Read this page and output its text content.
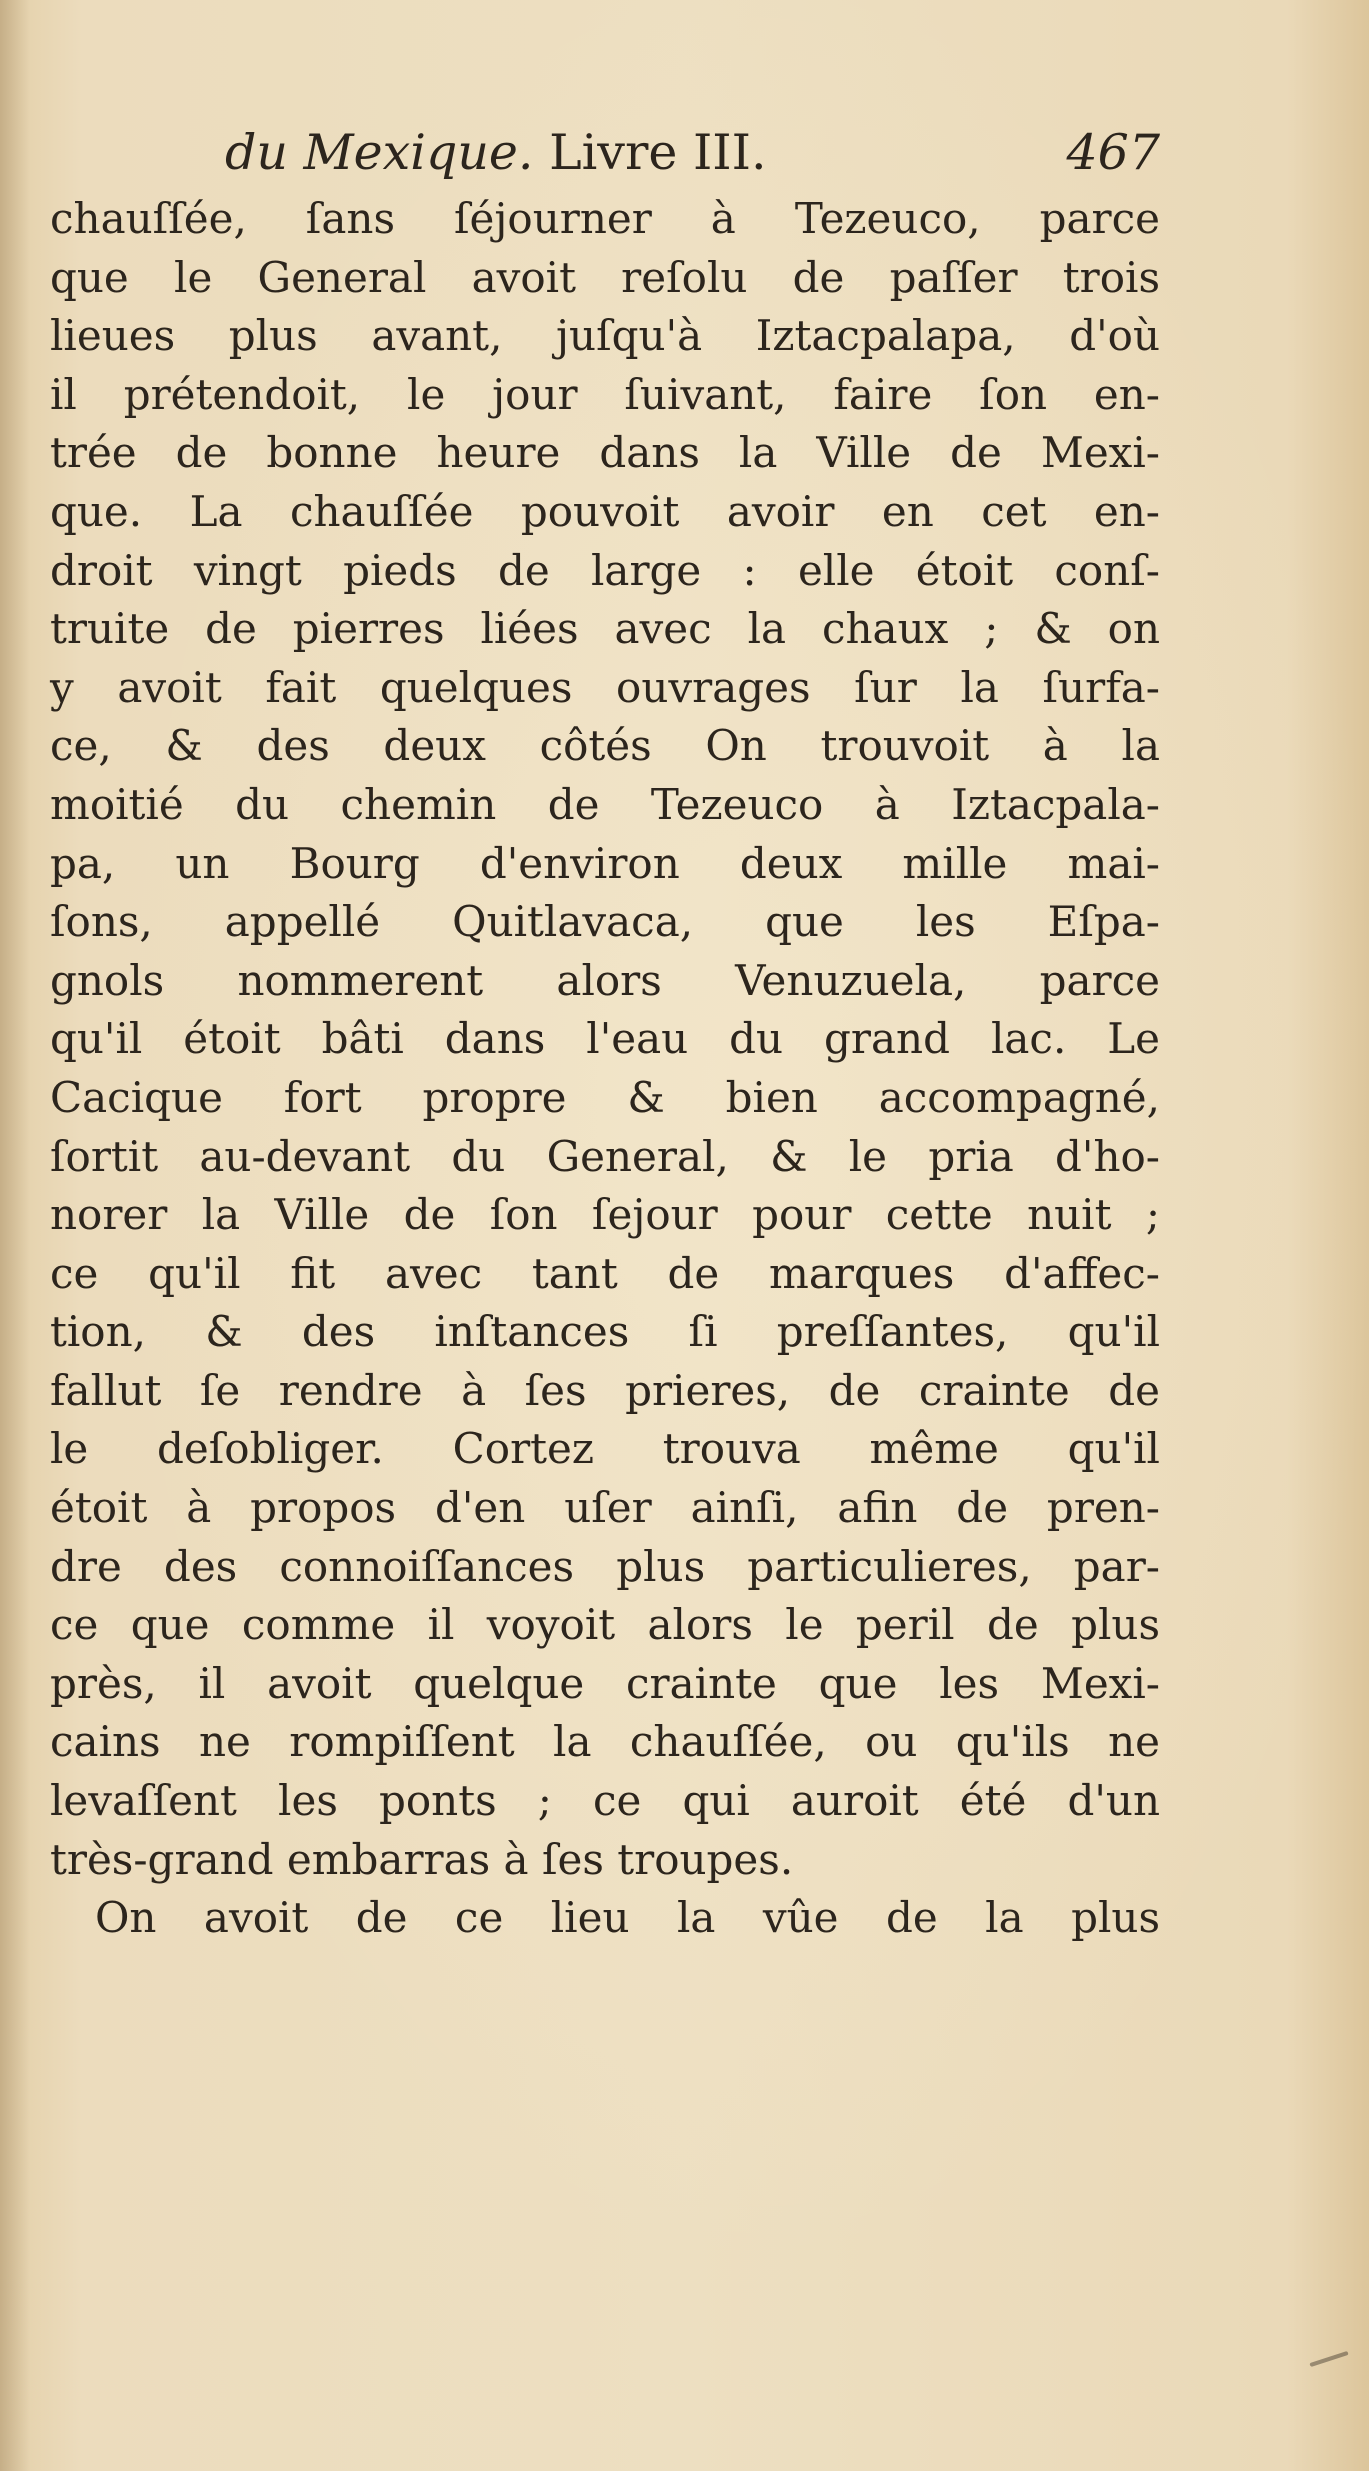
du Mexique. Livre III.	467
chauſſée, ſans ſéjourner à Tezeuco, parce
que le General avoit reſolu de paſſer trois
lieues plus avant, juſqu'à Iztacpalapa, d'où
il prétendoit, le jour ſuivant, faire ſon en-
trée de bonne heure dans la Ville de Mexi-
que. La chauſſée pouvoit avoir en cet en-
droit vingt pieds de large : elle étoit conſ-
truite de pierres liées avec la chaux ; & on
y avoit fait quelques ouvrages ſur la ſurfa-
ce, & des deux côtés On trouvoit à la
moitié du chemin de Tezeuco à Iztacpala-
pa, un Bourg d'environ deux mille mai-
ſons, appellé Quitlavaca, que les Eſpa-
gnols nommerent alors Venuzuela, parce
qu'il étoit bâti dans l'eau du grand lac. Le
Cacique fort propre & bien accompagné,
ſortit au-devant du General, & le pria d'ho-
norer la Ville de ſon ſejour pour cette nuit ;
ce qu'il fit avec tant de marques d'affec-
tion, & des inſtances ſi preſſantes, qu'il
fallut ſe rendre à ſes prieres, de crainte de
le deſobliger. Cortez trouva même qu'il
étoit à propos d'en uſer ainſi, afin de pren-
dre des connoiſſances plus particulieres, par-
ce que comme il voyoit alors le peril de plus
près, il avoit quelque crainte que les Mexi-
cains ne rompiſſent la chauſſée, ou qu'ils ne
levaſſent les ponts ; ce qui auroit été d'un
très-grand embarras à ſes troupes.
On avoit de ce lieu la vûe de la plus
